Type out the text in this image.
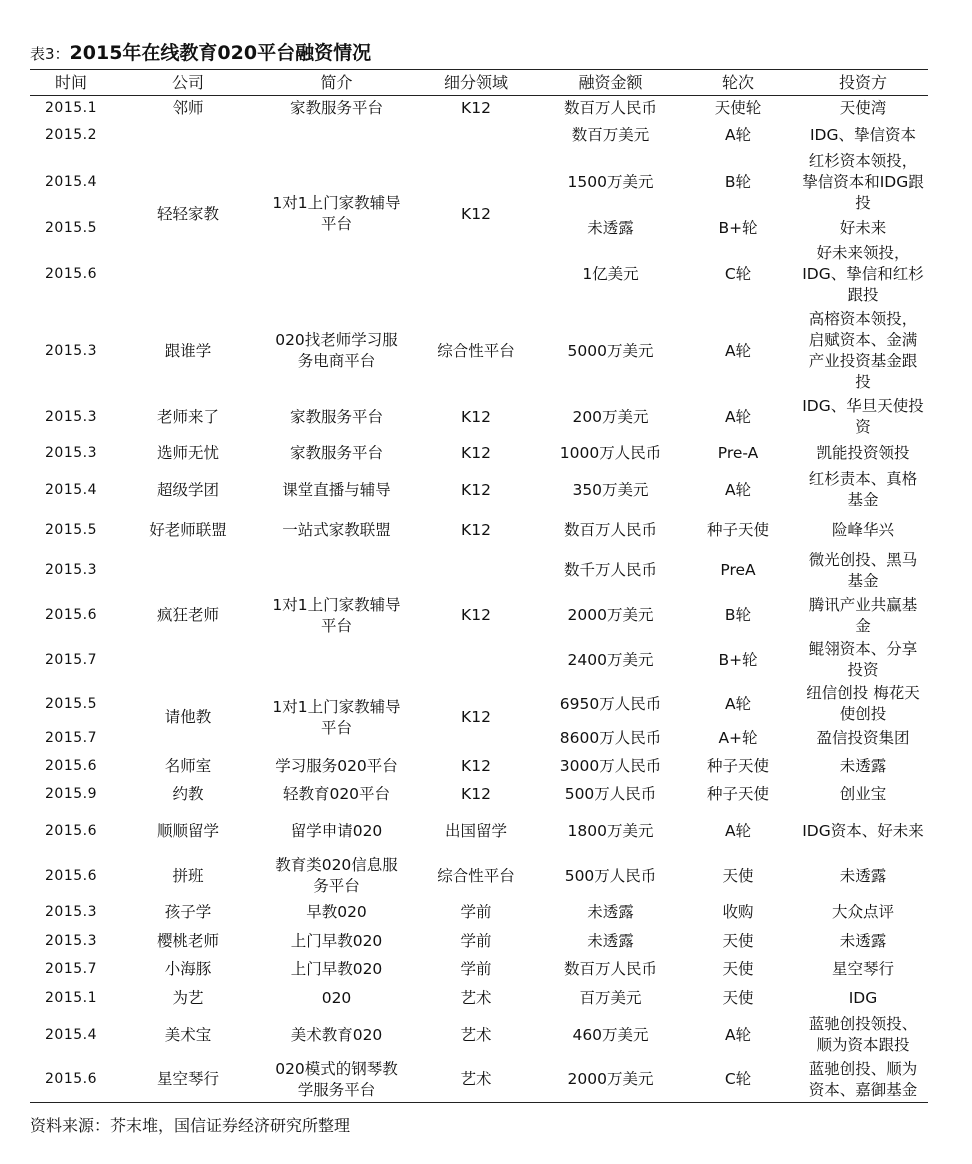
表3：2015年在线教育020平台融资情况
时间	公司	简介	细分领域	融资金额	轮次	投资方
2015.1	邻师	家教服务平台	K12	数百万人民币	天使轮	天使湾
2015.2	轻轻家教	1对1上门家教辅导平台	K12	数百万美元	A轮	IDG、挚信资本
2015.4				1500万美元	B轮	红杉资本领投，挚信资本和IDG跟投
2015.5				未透露	B+轮	好未来
2015.6				1亿美元	C轮	好未来领投，IDG、挚信和红杉跟投
2015.3	跟谁学	020找老师学习服务电商平台	综合性平台	5000万美元	A轮	高榕资本领投，启赋资本、金满产业投资基金跟投
2015.3	老师来了	家教服务平台	K12	200万美元	A轮	IDG、华旦天使投资
2015.3	选师无忧	家教服务平台	K12	1000万人民币	Pre-A	凯能投资领投
2015.4	超级学团	课堂直播与辅导	K12	350万美元	A轮	红杉责本、真格基金
2015.5	好老师联盟	一站式家教联盟	K12	数百万人民币	种子天使	险峰华兴
2015.3	疯狂老师	1对1上门家教辅导平台	K12	数千万人民币	PreA	微光创投、黑马基金
2015.6				2000万美元	B轮	腾讯产业共赢基金
2015.7				2400万美元	B+轮	鲲翎资本、分享投资
2015.5	请他教	1对1上门家教辅导平台	K12	6950万人民币	A轮	纽信创投 梅花天使创投
2015.7				8600万人民币	A+轮	盈信投资集团
2015.6	名师室	学习服务020平台	K12	3000万人民币	种子天使	未透露
2015.9	约教	轻教育020平台	K12	500万人民币	种子天使	创业宝
2015.6	顺顺留学	留学申请020	出国留学	1800万美元	A轮	IDG资本、好未来
2015.6	拼班	教育类020信息服务平台	综合性平台	500万人民币	天使	未透露
2015.3	孩子学	早教020	学前	未透露	收购	大众点评
2015.3	樱桃老师	上门早教020	学前	未透露	天使	未透露
2015.7	小海豚	上门早教020	学前	数百万人民币	天使	星空琴行
2015.1	为艺	020	艺术	百万美元	天使	IDG
2015.4	美术宝	美术教育020	艺术	460万美元	A轮	蓝驰创投领投、顺为资本跟投
2015.6	星空琴行	020模式的钢琴教学服务平台	艺术	2000万美元	C轮	蓝驰创投、顺为资本、嘉御基金
资料来源：芥末堆，国信证券经济研究所整理
